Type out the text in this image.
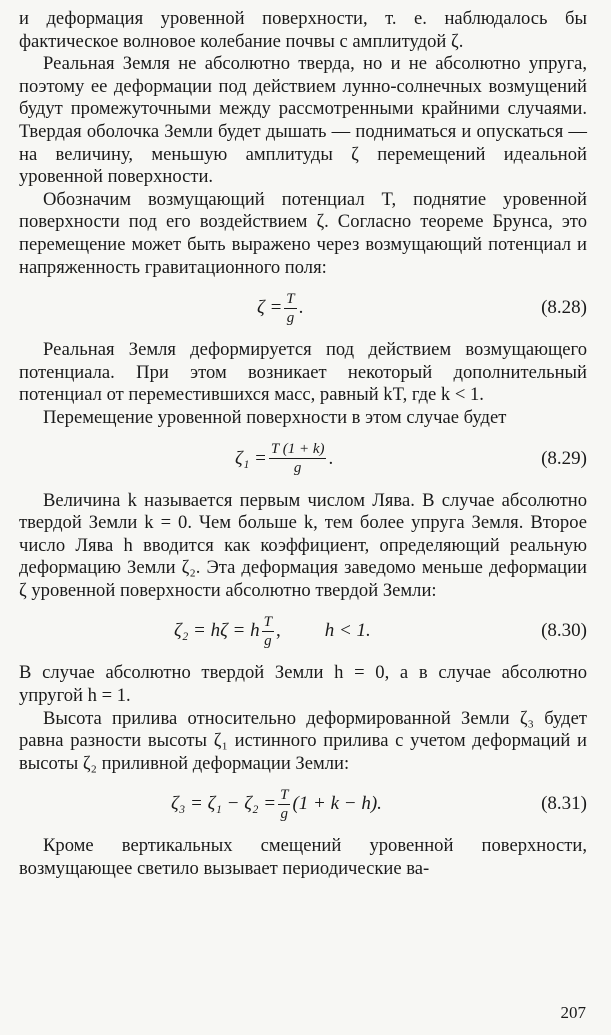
и деформация уровенной поверхности, т. е. наблюдалось бы фактическое волновое колебание почвы с амплитудой ζ.

Реальная Земля не абсолютно тверда, но и не абсолютно упруга, поэтому ее деформации под действием лунно-солнечных возмущений будут промежуточными между рассмотренными крайними случаями. Твердая оболочка Земли будет дышать — подниматься и опускаться — на величину, меньшую амплитуды ζ перемещений идеальной уровенной поверхности.

Обозначим возмущающий потенциал T, поднятие уровенной поверхности под его воздействием ζ. Согласно теореме Брунса, это перемещение может быть выражено через возмущающий потенциал и напряженность гравитационного поля:

$\zeta = \frac{T}{g}$ .	(8.28)

Реальная Земля деформируется под действием возмущающего потенциала. При этом возникает некоторый дополнительный потенциал от переместившихся масс, равный kT, где k < 1.

Перемещение уровенной поверхности в этом случае будет

$\zeta_1 = \frac{T (1 + k)}{g}$ .	(8.29)

Величина k называется первым числом Лява. В случае абсолютно твердой Земли k = 0. Чем больше k, тем более упруга Земля. Второе число Лява h вводится как коэффициент, определяющий реальную деформацию Земли ζ₂. Эта деформация заведомо меньше деформации ζ уровенной поверхности абсолютно твердой Земли:

ζ₂ = hζ = h $\frac{T}{g}$ , h < 1.	(8.30)

В случае абсолютно твердой Земли h = 0, а в случае абсолютно упругой h = 1.

Высота прилива относительно деформированной Земли ζ₃ будет равна разности высоты ζ₁ истинного прилива с учетом деформаций и высоты ζ₂ приливной деформации Земли:

$\zeta_3 = \zeta_1 - \zeta_2 = \frac{T}{g} (1 + k - h)$.	(8.31)

Кроме вертикальных смещений уровенной поверхности, возмущающее светило вызывает периодические ва-

207
